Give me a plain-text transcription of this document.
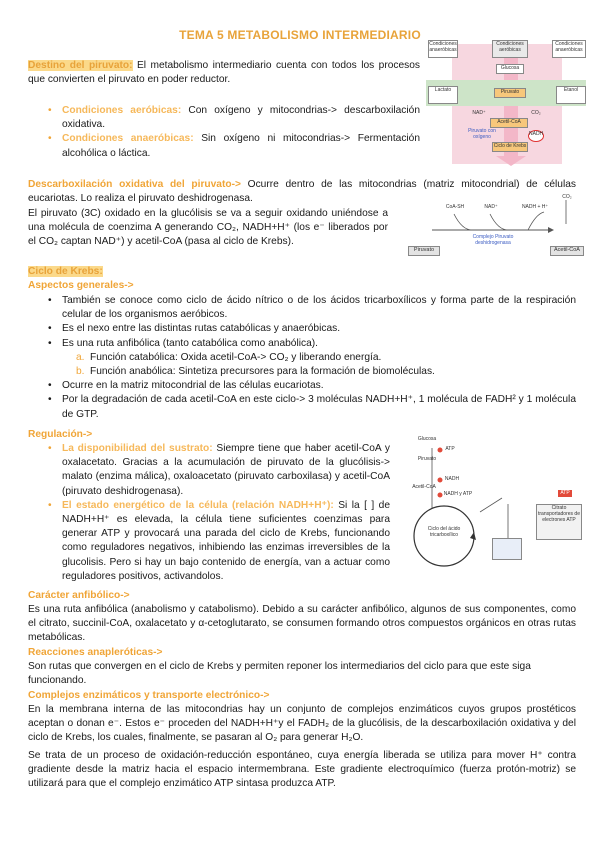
TEMA 5 METABOLISMO INTERMEDIARIO

Destino del piruvato: El metabolismo intermediario cuenta con todos los procesos que convierten el piruvato en poder reductor.

• Condiciones aeróbicas: Con oxígeno y mitocondrias-> descarboxilación oxidativa.
• Condiciones anaeróbicas: Sin oxígeno ni mitocondrias-> Fermentación alcohólica o láctica.
Condiciones anaeróbicas
Condiciones aeróbicas
Condiciones anaeróbicas
Glucosa
Piruvato
Lactato	Etanol
NAD⁺	CO₂
Acetil-CoA
Piruvato con oxígeno
Ciclo de Krebs
NADH

Descarboxilación oxidativa del piruvato-> Ocurre dentro de las mitocondrias (matriz mitocondrial) de células eucariotas. Lo realiza el piruvato deshidrogenasa.

El piruvato (3C) oxidado en la glucólisis se va a seguir oxidando uniéndose a una molécula de coenzima A generando CO₂, NADH+H⁺ (los e⁻ liberados por el CO₂ captan NAD⁺) y acetil-CoA (pasa al ciclo de Krebs).

Piruvato
CoA-SH	NAD⁺	NADH + H⁺
Complejo Piruvato deshidrogenasa
Acetil-CoA
CO₂
Ciclo de Krebs:
Aspectos generales->
• También se conoce como ciclo de ácido nítrico o de los ácidos tricarboxílicos y forma parte de la respiración celular de los organismos aeróbicos.
• Es el nexo entre las distintas rutas catabólicas y anaeróbicas.
• Es una ruta anfibólica (tanto catabólica como anabólica).
a. Función catabólica: Oxida acetil-CoA-> CO₂ y liberando energía.
b. Función anabólica: Sintetiza precursores para la formación de biomoléculas.
• Ocurre en la matriz mitocondrial de las células eucariotas.
• Por la degradación de cada acetil-CoA en este ciclo-> 3 moléculas NADH+H⁺, 1 molécula de FADH² y 1 molécula de GTP.
Regulación->
• La disponibilidad del sustrato: Siempre tiene que haber acetil-CoA y oxalacetato. Gracias a la acumulación de piruvato de la glucólisis-> malato (enzima málica), oxaloacetato (piruvato carboxilasa) y acetil-CoA (piruvato deshidrogenasa).
• El estado energético de la célula (relación NADH+H⁺): Si la [ ] de NADH+H⁺ es elevada, la célula tiene suficientes coenzimas para generar ATP y provocará una parada del ciclo de Krebs, funcionando como reguladores negativos, inhibiendo las enzimas irreversibles de la glucolisis. Pero si hay un bajo contenido de energía, van a actuar como reguladores positivos, activandolos.
Glucosa
ATP
Piruvato
NADH
Acetil-CoA
NADH y ATP
Ciclo del ácido tricarboxílico
ATP
Citrato transportadores de electrones ATP
Carácter anfibólico->

Es una ruta anfibólica (anabolismo y catabolismo). Debido a su carácter anfibólico, algunos de sus componentes, como el citrato, succinil-CoA, oxalacetato y α-cetoglutarato, se consumen formando otros compuestos orgánicos en otras rutas metabólicas.

Reacciones anapleróticas->

Son rutas que convergen en el ciclo de Krebs y permiten reponer los intermediarios del ciclo para que este siga funcionando.

Complejos enzimáticos y transporte electrónico->

En la membrana interna de las mitocondrias hay un conjunto de complejos enzimáticos cuyos grupos prostéticos aceptan o donan e⁻. Estos e⁻ proceden del NADH+H⁺y el FADH₂ de la glucólisis, de la descarboxilación oxidativa y del ciclo de Krebs, los cuales, finalmente, se pasaran al O₂ para generar H₂O.

Se trata de un proceso de oxidación-reducción espontáneo, cuya energía liberada se utiliza para mover H⁺ contra gradiente desde la matriz hacia el espacio intermembrana. Este gradiente electroquímico (fuerza protón-motriz) se utilizará para que el complejo enzimático ATP sintasa produzca ATP.
